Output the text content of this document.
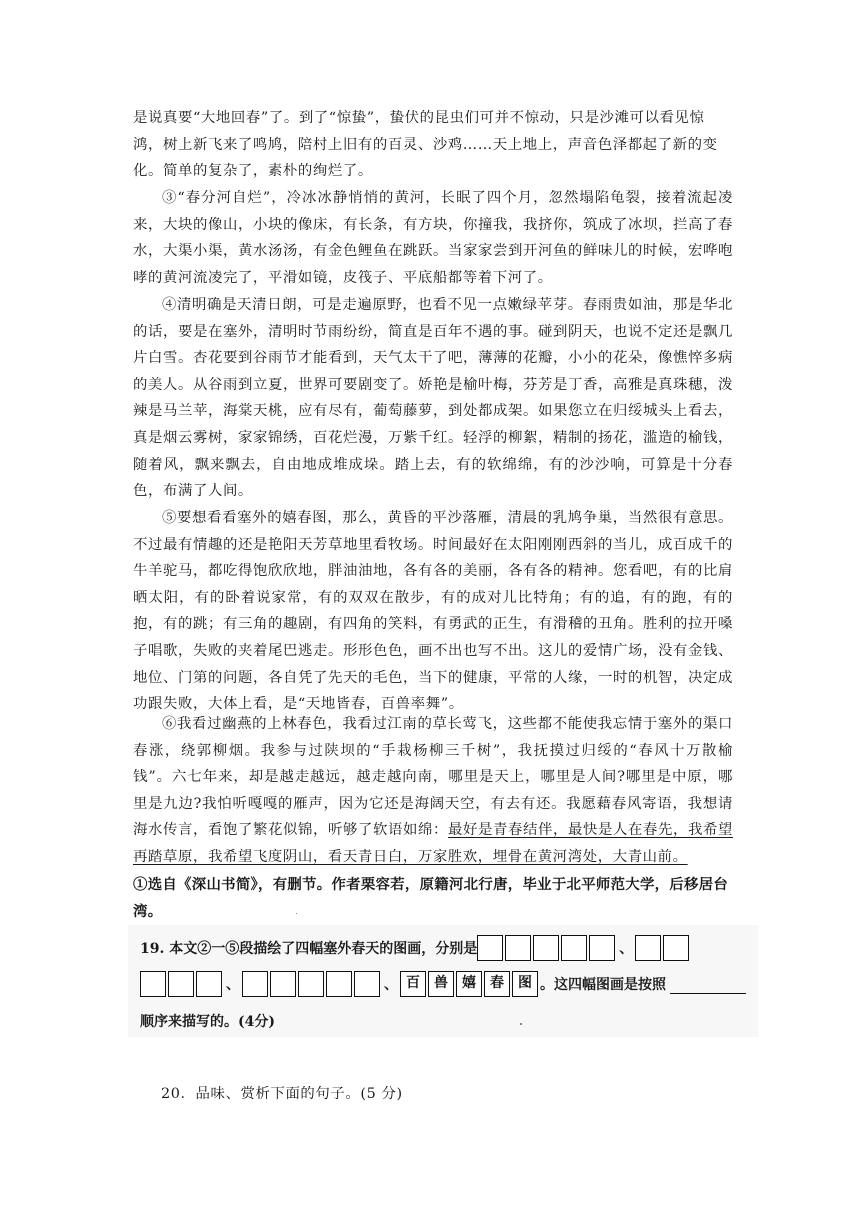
是说真要“大地回春”了。到了“惊蛰”，蛰伏的昆虫们可并不惊动，只是沙滩可以看见惊
鸿，树上新飞来了鸣鸠，陪村上旧有的百灵、沙鸡……天上地上，声音色泽都起了新的变
化。简单的复杂了，素朴的绚烂了。
③“春分河自烂”，冷冰冰静悄悄的黄河，长眠了四个月，忽然塌陷龟裂，接着流起凌来，大块的像山，小块的像床，有长条，有方块，你撞我，我挤你，筑成了冰坝，拦高了春水，大渠小渠，黄水汤汤，有金色鲤鱼在跳跃。当家家尝到开河鱼的鲜味儿的时候，宏哗咆哮的黄河流凌完了，平滑如镜，皮筏子、平底船都等着下河了。
④清明确是天清日朗，可是走遍原野，也看不见一点嫩绿苹芽。春雨贵如油，那是华北的话，要是在塞外，清明时节雨纷纷，简直是百年不遇的事。碰到阴天，也说不定还是飘几片白雪。杏花要到谷雨节才能看到，天气太干了吧，薄薄的花瓣，小小的花朵，像憔悴多病的美人。从谷雨到立夏，世界可要剧变了。娇艳是榆叶梅，芬芳是丁香，高雅是真珠穗，泼辣是马兰苹，海棠天桃，应有尽有，葡萄藤萝，到处都成架。如果您立在归绥城头上看去，真是烟云雾树，家家锦绣，百花烂漫，万紫千红。轻浮的柳絮，精制的扬花，滥造的榆钱，随着风，飘来飘去，自由地成堆成垛。踏上去，有的软绵绵，有的沙沙响，可算是十分春色，布满了人间。
⑤要想看看塞外的嬉春图，那么，黄昏的平沙落雁，清晨的乳鸠争巢，当然很有意思。不过最有情趣的还是艳阳天芳草地里看牧场。时间最好在太阳刚刚西斜的当儿，成百成千的牛羊驼马，都吃得饱欣欣地，胖油油地，各有各的美丽，各有各的精神。您看吧，有的比肩晒太阳，有的卧着说家常，有的双双在散步，有的成对儿比特角；有的追，有的跑，有的抱，有的跳；有三角的趣剧，有四角的笑料，有勇武的正生，有滑稽的丑角。胜利的拉开嗓子唱歌，失败的夹着尾巴逃走。形形色色，画不出也写不出。这儿的爱情广场，没有金钱、地位、门第的问题，各自凭了先天的毛色，当下的健康，平常的人缘，一时的机智，决定成功跟失败，大体上看，是“天地皆春，百兽率舞”。
⑥我看过幽燕的上林春色，我看过江南的草长莺飞，这些都不能使我忘情于塞外的渠口春涨，绕郭柳烟。我参与过陕坝的“手栽杨柳三千树”，我抚摸过归绥的“春风十万散榆钱”。六七年来，却是越走越远，越走越向南，哪里是天上，哪里是人间?哪里是中原，哪里是九边?我怕听嘎嘎的雁声，因为它还是海阔天空，有去有还。我愿藉春风寄语，我想请海水传言，看饱了繁花似锦，听够了软语如绵：最好是青春结伴，最快是人在春先，我希望再踏草原，我希望飞度阴山，看天青日白，万家胜欢，埋骨在黄河湾处，大青山前。
①选自《深山书简》，有删节。作者栗容若，原籍河北行唐，毕业于北平师范大学，后移居台湾。
19. 本文②一⑤段描绘了四幅塞外春天的图画，分别是	、
、	、 百	兽	嬉	春	图 。这四幅图画是按照
顺序来描写的。(4分)
20．品味、赏析下面的句子。(5 分)
